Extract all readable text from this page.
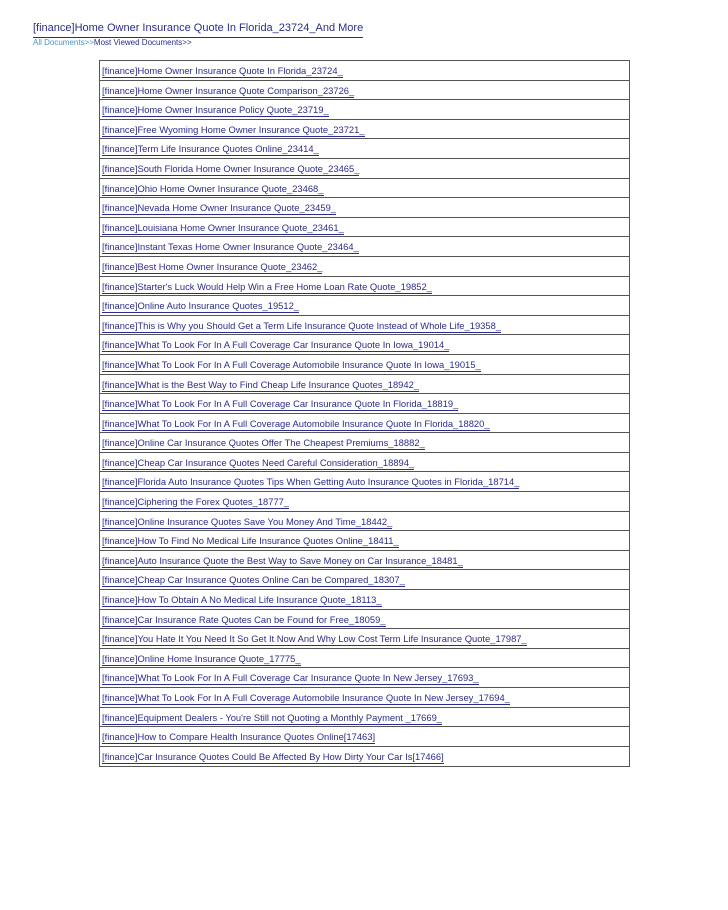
[finance]Home Owner Insurance Quote In Florida_23724_And More
All Documents>>Most Viewed Documents>>
[finance]Home Owner Insurance Quote In Florida_23724_
[finance]Home Owner Insurance Quote Comparison_23726_
[finance]Home Owner Insurance Policy Quote_23719_
[finance]Free Wyoming Home Owner Insurance Quote_23721_
[finance]Term Life Insurance Quotes Online_23414_
[finance]South Florida Home Owner Insurance Quote_23465_
[finance]Ohio Home Owner Insurance Quote_23468_
[finance]Nevada Home Owner Insurance Quote_23459_
[finance]Louisiana Home Owner Insurance Quote_23461_
[finance]Instant Texas Home Owner Insurance Quote_23464_
[finance]Best Home Owner Insurance Quote_23462_
[finance]Starter's Luck Would Help Win a Free Home Loan Rate Quote_19852_
[finance]Online Auto Insurance Quotes_19512_
[finance]This is Why you Should Get a Term Life Insurance Quote Instead of Whole Life_19358_
[finance]What To Look For In A Full Coverage Car Insurance Quote In Iowa_19014_
[finance]What To Look For In A Full Coverage Automobile Insurance Quote In Iowa_19015_
[finance]What is the Best Way to Find Cheap Life Insurance Quotes_18942_
[finance]What To Look For In A Full Coverage Car Insurance Quote In Florida_18819_
[finance]What To Look For In A Full Coverage Automobile Insurance Quote In Florida_18820_
[finance]Online Car Insurance Quotes Offer The Cheapest Premiums_18882_
[finance]Cheap Car Insurance Quotes Need Careful Consideration_18894_
[finance]Florida Auto Insurance Quotes Tips When Getting Auto Insurance Quotes in Florida_18714_
[finance]Ciphering the Forex Quotes_18777_
[finance]Online Insurance Quotes Save You Money And Time_18442_
[finance]How To Find No Medical Life Insurance Quotes Online_18411_
[finance]Auto Insurance Quote the Best Way to Save Money on Car Insurance_18481_
[finance]Cheap Car Insurance Quotes Online Can be Compared_18307_
[finance]How To Obtain A No Medical Life Insurance Quote_18113_
[finance]Car Insurance Rate Quotes Can be Found for Free_18059_
[finance]You Hate It You Need It So Get It Now And Why Low Cost Term Life Insurance Quote_17987_
[finance]Online Home Insurance Quote_17775_
[finance]What To Look For In A Full Coverage Car Insurance Quote In New Jersey_17693_
[finance]What To Look For In A Full Coverage Automobile Insurance Quote In New Jersey_17694_
[finance]Equipment Dealers - You're Still not Quoting a Monthly Payment _17669_
[finance]How to Compare Health Insurance Quotes Online[17463]
[finance]Car Insurance Quotes Could Be Affected By How Dirty Your Car Is[17466]
